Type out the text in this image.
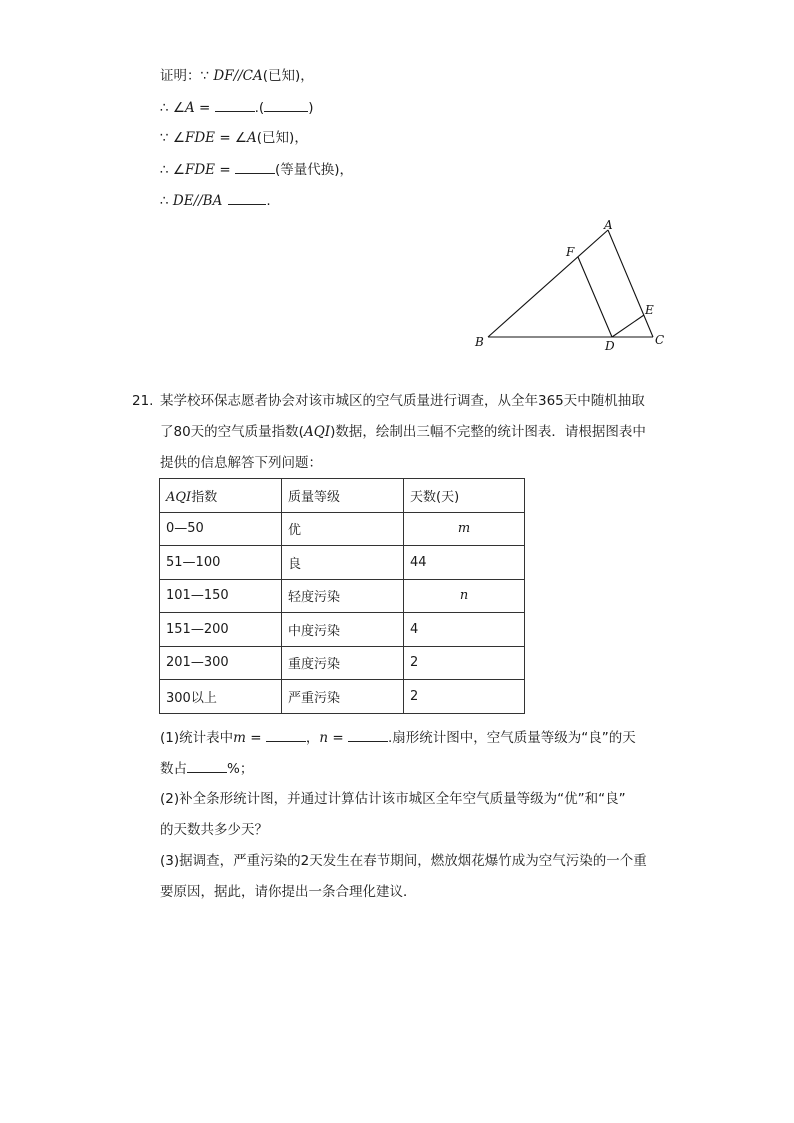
证明：∵ DF//CA(已知)，
∴ ∠A =	.(	)
∵ ∠FDE = ∠A(已知)，
∴ ∠FDE =	(等量代换)，
∴ DE//BA	.
A
B	C
D
E
F
21. 某学校环保志愿者协会对该市城区的空气质量进行调查，从全年365天中随机抽取
了80天的空气质量指数(AQI)数据，绘制出三幅不完整的统计图表．请根据图表中
提供的信息解答下列问题：
AQI指数	质量等级	天数(天)
0—50	优	m
51—100	良	44
101—150	轻度污染	n
151—200	中度污染	4
201—300	重度污染	2
300以上	严重污染	2
(1)统计表中m =	，n =	.扇形统计图中，空气质量等级为“良”的天
数占	%；
(2)补全条形统计图，并通过计算估计该市城区全年空气质量等级为“优”和“良”
的天数共多少天？
(3)据调查，严重污染的2天发生在春节期间，燃放烟花爆竹成为空气污染的一个重
要原因，据此，请你提出一条合理化建议．
